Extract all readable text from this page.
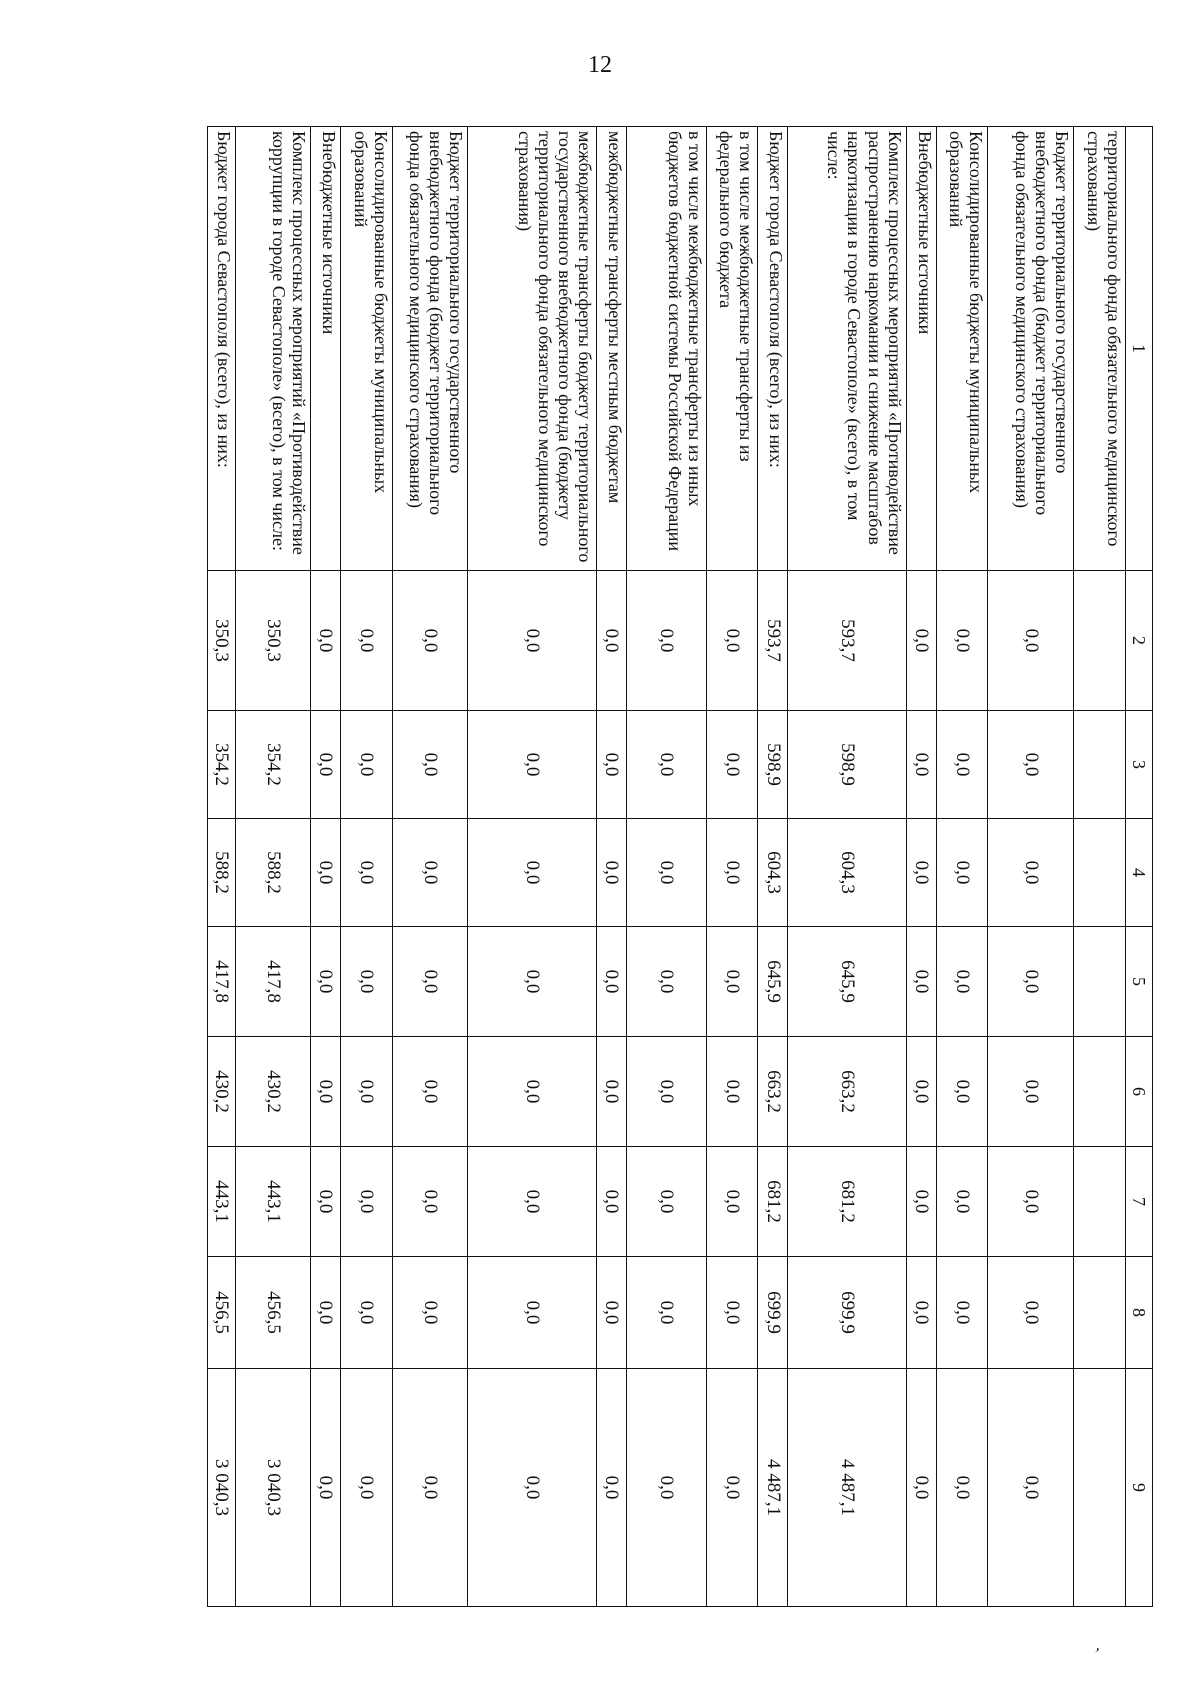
12
1	2	3	4	5	6	7	8	9
территориального фонда обязательного медицинского страхования)								
Бюджет территориального государственного внебюджетного фонда (бюджет территориального фонда обязательного медицинского страхования)	0,0	0,0	0,0	0,0	0,0	0,0	0,0	0,0
Консолидированные бюджеты муниципальных образований	0,0	0,0	0,0	0,0	0,0	0,0	0,0	0,0
Внебюджетные источники	0,0	0,0	0,0	0,0	0,0	0,0	0,0	0,0
Комплекс процессных мероприятий «Противодействие распространению наркомании и снижение масштабов наркотизации в городе Севастополе» (всего), в том числе:	593,7	598,9	604,3	645,9	663,2	681,2	699,9	4 487,1
Бюджет города Севастополя (всего), из них:	593,7	598,9	604,3	645,9	663,2	681,2	699,9	4 487,1
в том числе межбюджетные трансферты из федерального бюджета	0,0	0,0	0,0	0,0	0,0	0,0	0,0	0,0
в том числе межбюджетные трансферты из иных бюджетов бюджетной системы Российской Федерации	0,0	0,0	0,0	0,0	0,0	0,0	0,0	0,0
межбюджетные трансферты местным бюджетам	0,0	0,0	0,0	0,0	0,0	0,0	0,0	0,0
межбюджетные трансферты бюджету территориального государственного внебюджетного фонда (бюджету территориального фонда обязательного медицинского страхования)	0,0	0,0	0,0	0,0	0,0	0,0	0,0	0,0
Бюджет территориального государственного внебюджетного фонда (бюджет территориального фонда обязательного медицинского страхования)	0,0	0,0	0,0	0,0	0,0	0,0	0,0	0,0
Консолидированные бюджеты муниципальных образований	0,0	0,0	0,0	0,0	0,0	0,0	0,0	0,0
Внебюджетные источники	0,0	0,0	0,0	0,0	0,0	0,0	0,0	0,0
Комплекс процессных мероприятий «Противодействие коррупции в городе Севастополе» (всего), в том числе:	350,3	354,2	588,2	417,8	430,2	443,1	456,5	3 040,3
Бюджет города Севастополя (всего), из них:	350,3	354,2	588,2	417,8	430,2	443,1	456,5	3 040,3
,
